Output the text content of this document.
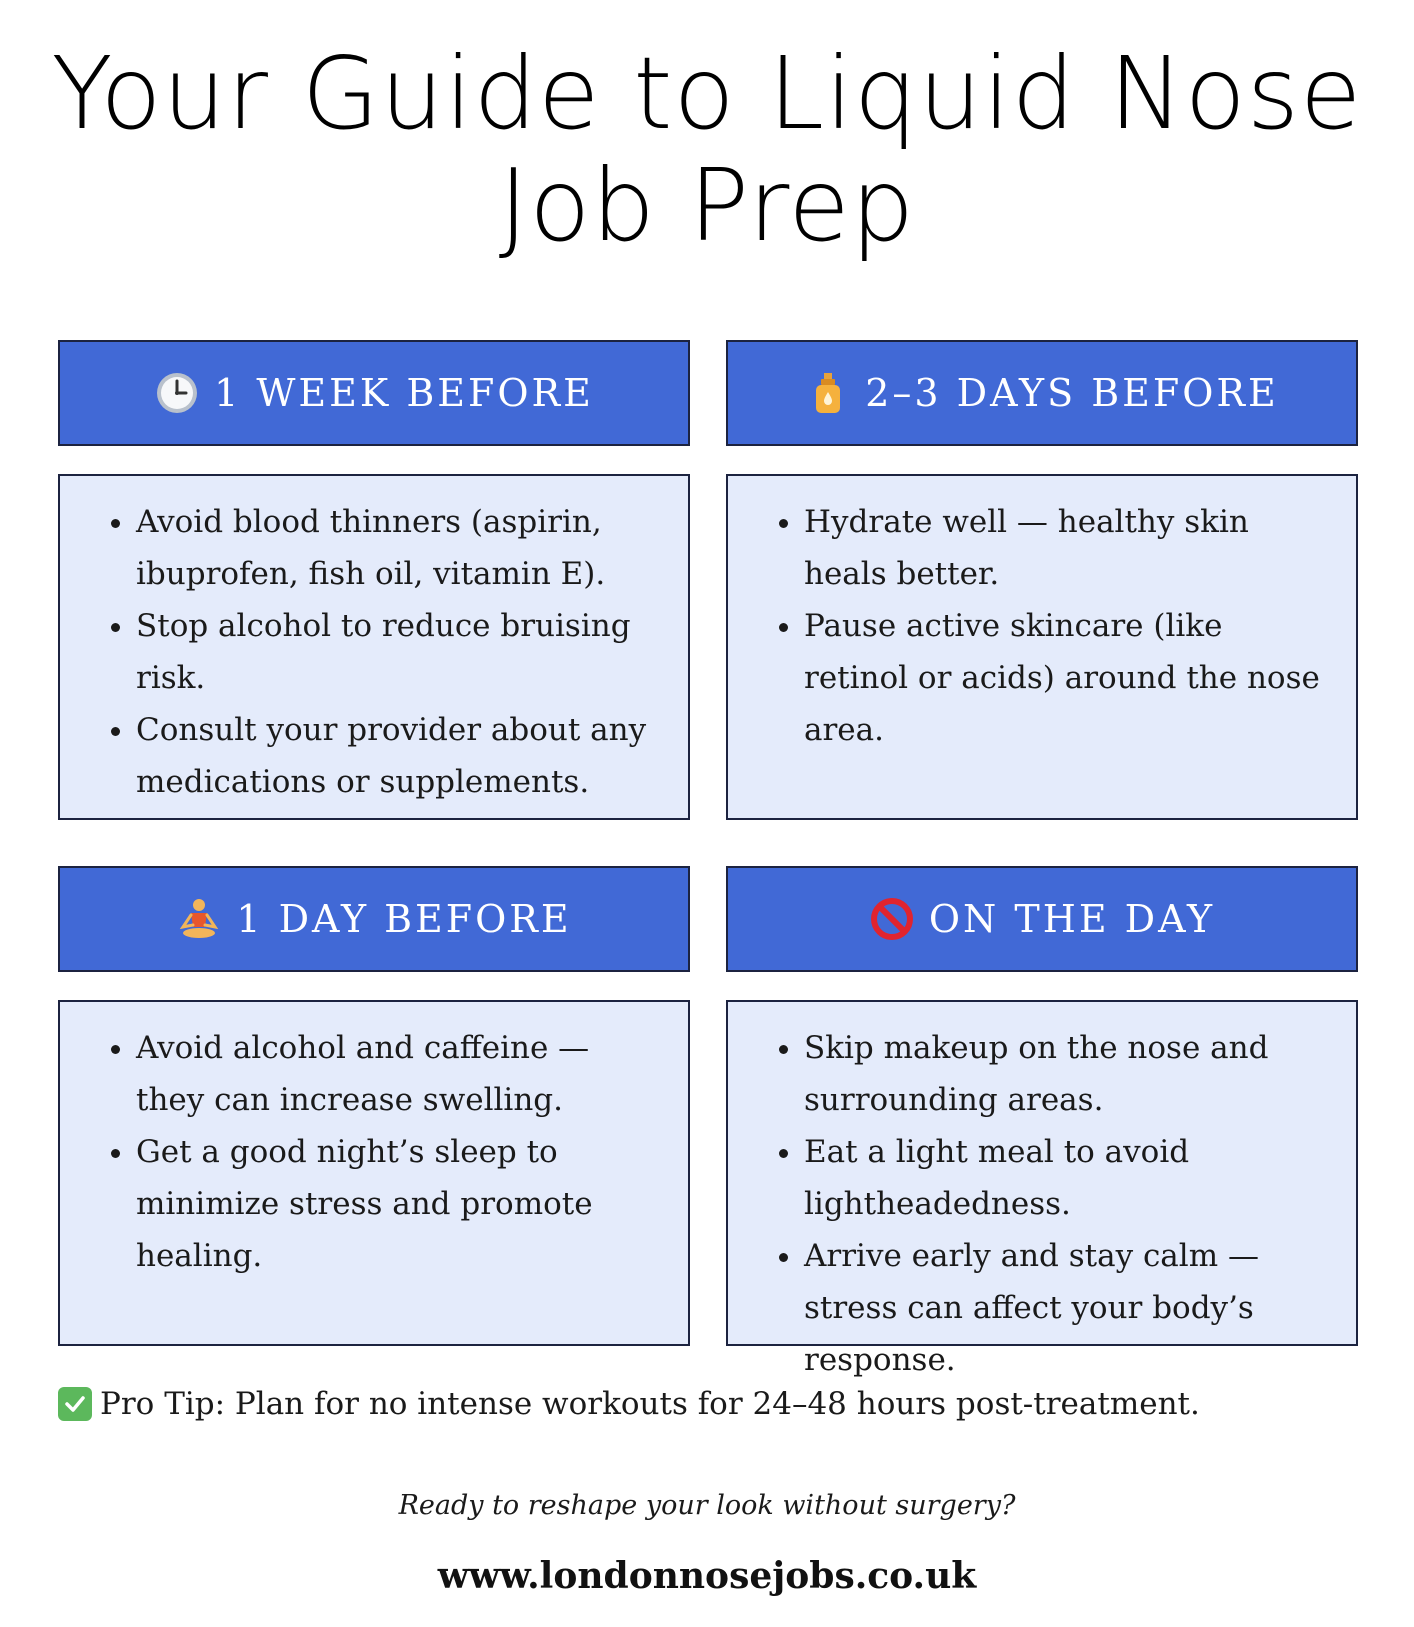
Your Guide to Liquid Nose
Job Prep
1 WEEK BEFORE
• Avoid blood thinners (aspirin, ibuprofen, fish oil, vitamin E).
• Stop alcohol to reduce bruising risk.
• Consult your provider about any medications or supplements.
2–3 DAYS BEFORE
• Hydrate well — healthy skin heals better.
• Pause active skincare (like retinol or acids) around the nose area.
1 DAY BEFORE
• Avoid alcohol and caffeine — they can increase swelling.
• Get a good night’s sleep to minimize stress and promote healing.
ON THE DAY
• Skip makeup on the nose and surrounding areas.
• Eat a light meal to avoid lightheadedness.
• Arrive early and stay calm — stress can affect your body’s response.
Pro Tip: Plan for no intense workouts for 24–48 hours post-treatment.
Ready to reshape your look without surgery?
www.londonnosejobs.co.uk
